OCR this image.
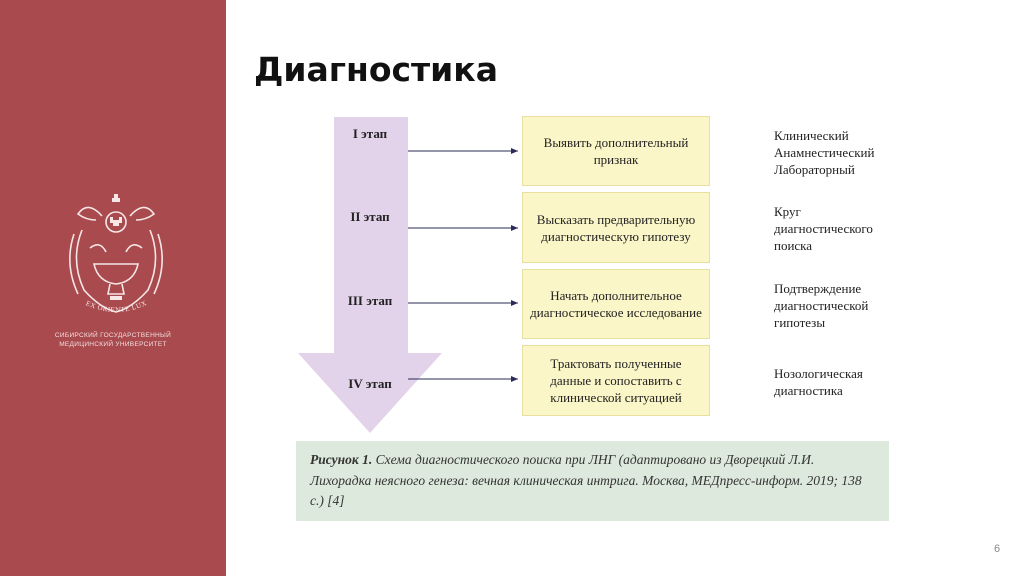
EX ORIENTE LUX
1888
СИБИРСКИЙ ГОСУДАРСТВЕННЫЙ
МЕДИЦИНСКИЙ УНИВЕРСИТЕТ
Диагностика
I этап
II этап
III этап
IV этап
Выявить дополнительный признак
Высказать предварительную диагностическую гипотезу
Начать дополнительное диагностическое исследование
Трактовать полученные данные и сопоставить с клинической ситуацией
Клинический
Анамнестический
Лабораторный
Круг
диагностического
поиска
Подтверждение
диагностической
гипотезы
Нозологическая
диагностика
Рисунок 1. Схема диагностического поиска при ЛНГ (адаптировано из Дворецкий Л.И. Лихорадка неясного генеза: вечная клиническая интрига. Москва, МЕДпресс-информ. 2019; 138 с.) [4]
6
